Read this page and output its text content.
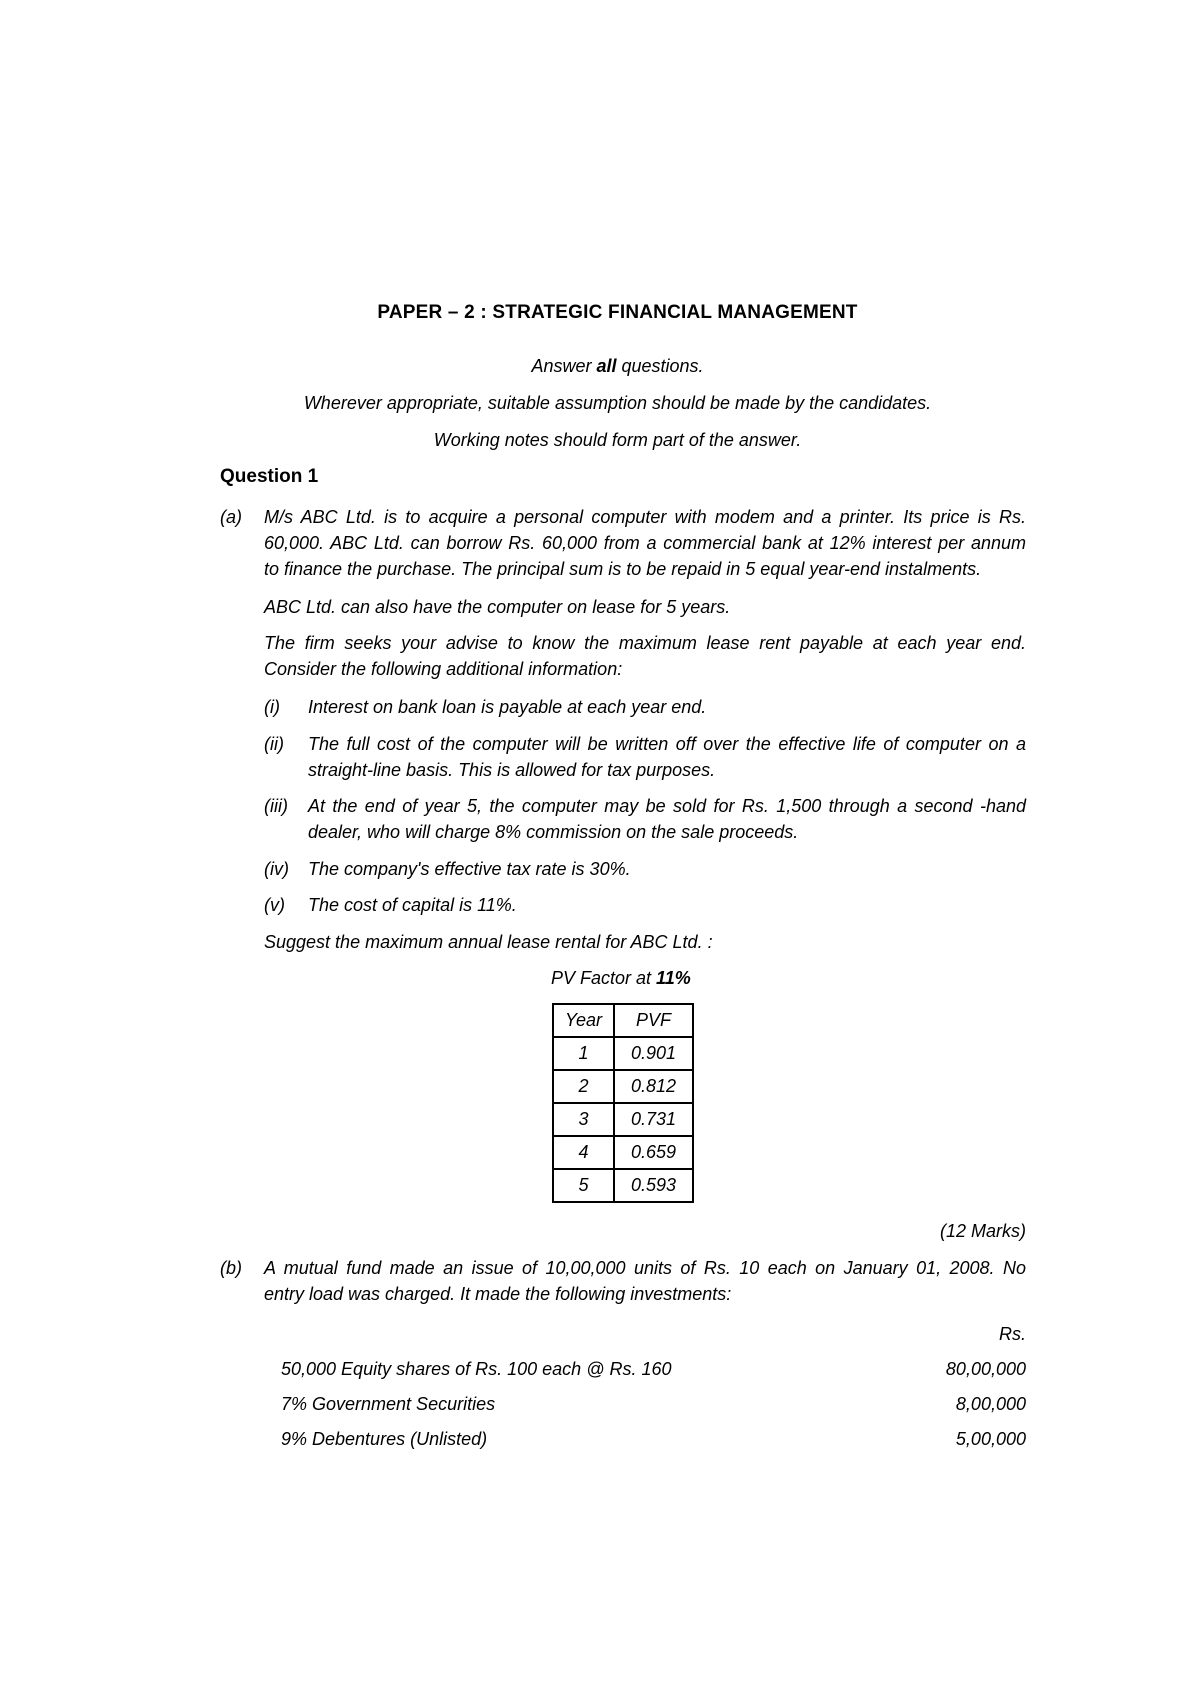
PAPER – 2 : STRATEGIC FINANCIAL MANAGEMENT
Answer all questions.
Wherever appropriate, suitable assumption should be made by the candidates.
Working notes should form part of the answer.
Question 1
(a)	M/s ABC Ltd. is to acquire a personal computer with modem and a printer. Its price is Rs.
60,000. ABC Ltd. can borrow Rs. 60,000 from a commercial bank at 12% interest per annum
to finance the purchase. The principal sum is to be repaid in 5 equal year-end instalments.
ABC Ltd. can also have the computer on lease for 5 years.
The firm seeks your advise to know the maximum lease rent payable at each year end.
Consider the following additional information:
(i) Interest on bank loan is payable at each year end.
(ii) The full cost of the computer will be written off over the effective life of computer on a
straight-line basis. This is allowed for tax purposes.
(iii) At the end of year 5, the computer may be sold for Rs. 1,500 through a second -hand
dealer, who will charge 8% commission on the sale proceeds.
(iv) The company's effective tax rate is 30%.
(v) The cost of capital is 11%.
Suggest the maximum annual lease rental for ABC Ltd. :
PV Factor at 11%
Year	PVF
1	0.901
2	0.812
3	0.731
4	0.659
5	0.593
(12 Marks)
(b)	A mutual fund made an issue of 10,00,000 units of Rs. 10 each on January 01, 2008. No
entry load was charged. It made the following investments:
Rs.
50,000 Equity shares of Rs. 100 each @ Rs. 160	80,00,000
7% Government Securities	8,00,000
9% Debentures (Unlisted)	5,00,000
